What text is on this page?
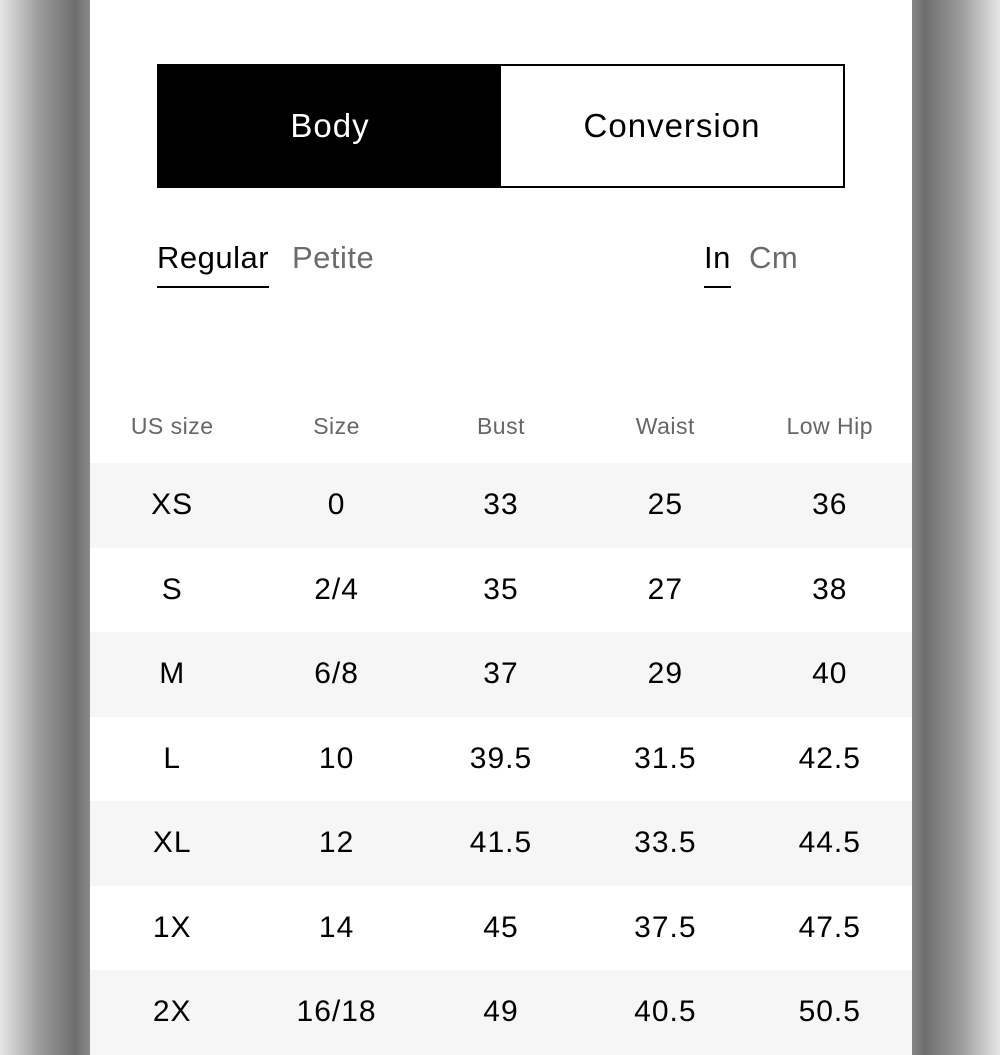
Body	Conversion
Regular Petite	In Cm
US size	Size	Bust	Waist	Low Hip
XS	0	33	25	36
S	2/4	35	27	38
M	6/8	37	29	40
L	10	39.5	31.5	42.5
XL	12	41.5	33.5	44.5
1X	14	45	37.5	47.5
2X	16/18	49	40.5	50.5
